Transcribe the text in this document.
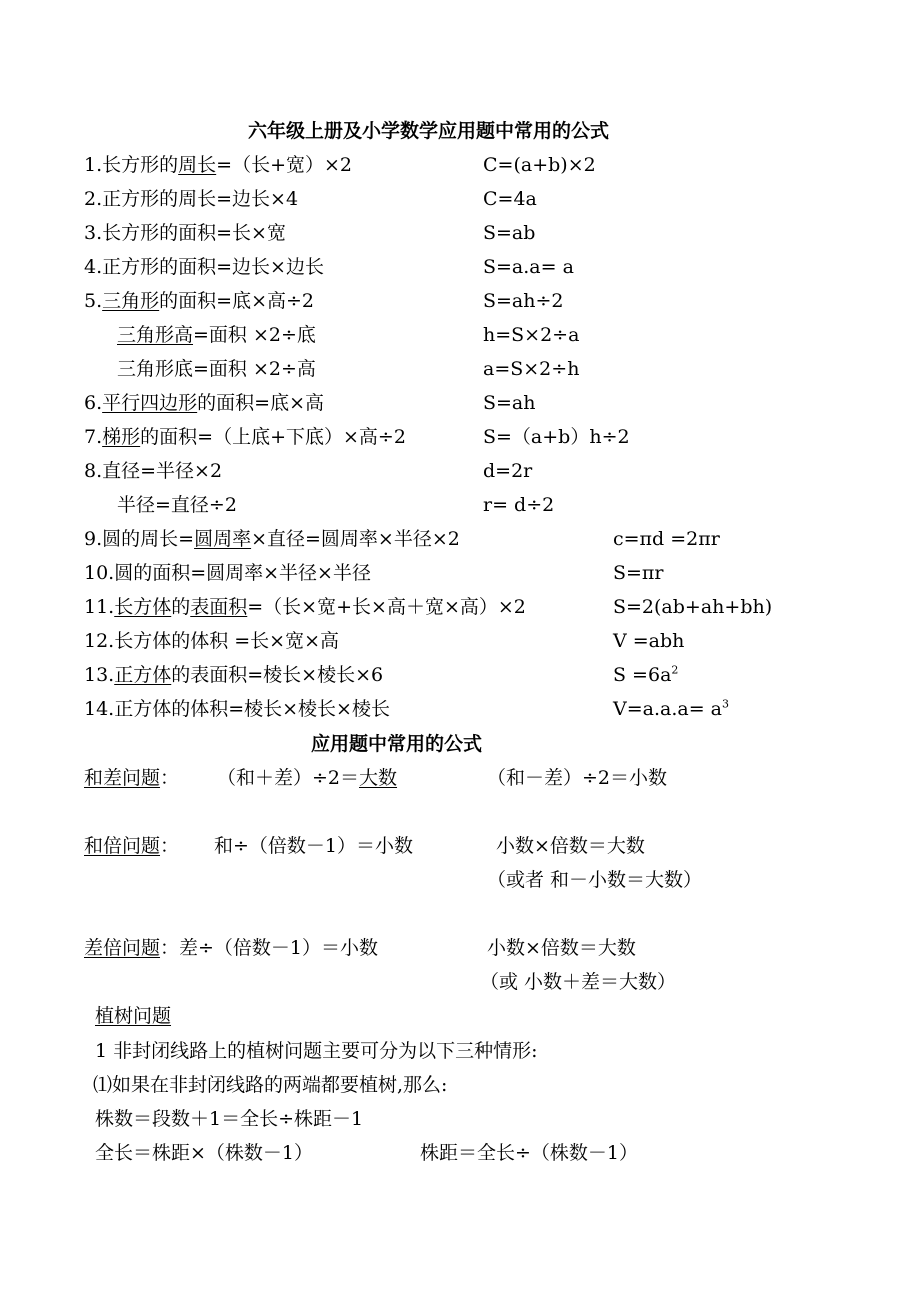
六年级上册及小学数学应用题中常用的公式
1.长方形的周长=（长+宽）×2	C=(a+b)×2
2.正方形的周长=边长×4	C=4a
3.长方形的面积=长×宽	S=ab
4.正方形的面积=边长×边长	S=a.a= a
5.三角形的面积=底×高÷2	S=ah÷2
三角形高=面积 ×2÷底	h=S×2÷a
三角形底=面积 ×2÷高	a=S×2÷h
6.平行四边形的面积=底×高	S=ah
7.梯形的面积=（上底+下底）×高÷2	S=（a+b）h÷2
8.直径=半径×2	d=2r
半径=直径÷2	r= d÷2
9.圆的周长=圆周率×直径=圆周率×半径×2	c=πd =2πr
10.圆的面积=圆周率×半径×半径	S=πr
11.长方体的表面积=（长×宽+长×高＋宽×高）×2	S=2(ab+ah+bh)
12.长方体的体积 =长×宽×高	V =abh
13.正方体的表面积=棱长×棱长×6	$S =6a^2$
14.正方体的体积=棱长×棱长×棱长	$V=a.a.a= a^3$
应用题中常用的公式
和差问题 ： （和＋差）÷2＝大数	（和－差）÷2＝小数
和倍问题 ： 和÷（倍数－1）＝小数	小数×倍数＝大数
（或者 和－小数＝大数）
差倍问题：差÷（倍数－1）＝小数	小数×倍数＝大数
（或 小数＋差＝大数）
植树问题
1 非封闭线路上的植树问题主要可分为以下三种情形:
⑴如果在非封闭线路的两端都要植树,那么:
株数＝段数＋1＝全长÷株距－1
全长＝株距×（株数－1）	株距＝全长÷（株数－1）
